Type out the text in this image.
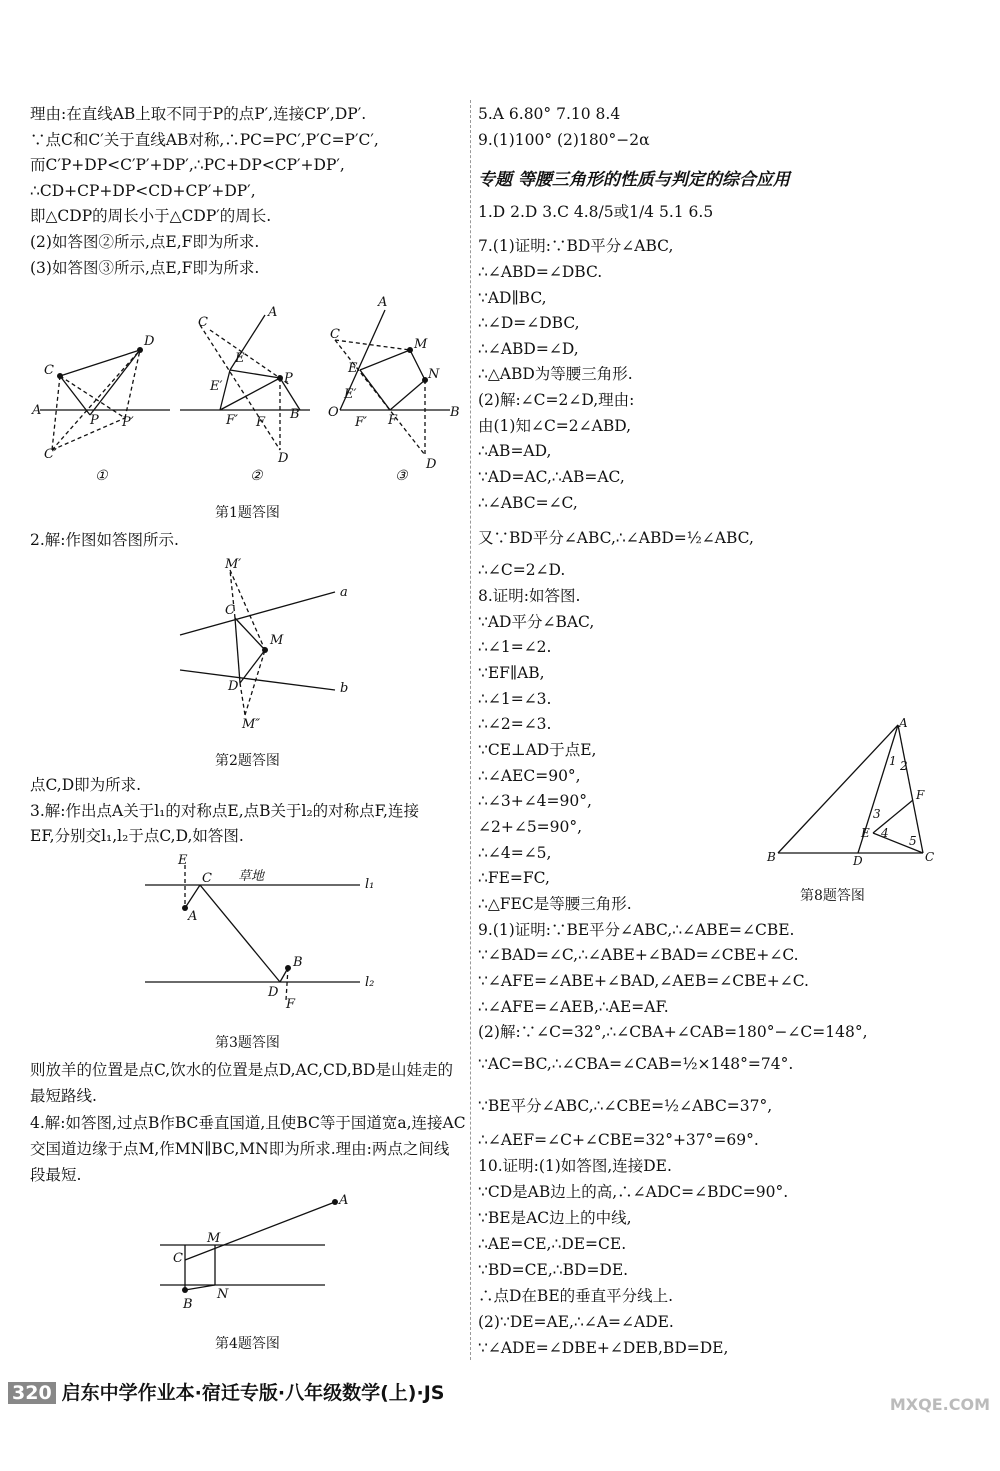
理由:在直线AB上取不同于P的点P′,连接CP′,DP′.
∵点C和C′关于直线AB对称,∴PC=PC′,P′C=P′C′,
而C′P+DP<C′P′+DP′,∴PC+DP<CP′+DP′,
∴CD+CP+DP<CD+CP′+DP′,
即△CDP的周长小于△CDP′的周长.
(2)如答图②所示,点E,F即为所求.
(3)如答图③所示,点E,F即为所求.
C
D
A
P P′
C′
C
A
E
E′
P
B
D
F′ F
A
C
M
N
E
E′
O
F′ F
B
D
①	②	③
第1题答图
2.解:作图如答图所示.
M′
a
C
M
D	b
M″
第2题答图
点C,D即为所求.
3.解:作出点A关于l₁的对称点E,点B关于l₂的对称点F,连接
EF,分别交l₁,l₂于点C,D,如答图.
E
C
A
l₁
l₂
B
D
F
草地
第3题答图
则放羊的位置是点C,饮水的位置是点D,AC,CD,BD是山娃走的
最短路线.
4.解:如答图,过点B作BC垂直国道,且使BC等于国道宽a,连接AC
交国道边缘于点M,作MN∥BC,MN即为所求.理由:两点之间线
段最短.
A
M
C
N
B
第4题答图
5.A 6.80° 7.10 8.4
9.(1)100° (2)180°−2α
专题 等腰三角形的性质与判定的综合应用
1.D 2.D 3.C 4.8/5或1/4 5.1 6.5
7.(1)证明:∵BD平分∠ABC,
∴∠ABD=∠DBC.
∵AD∥BC,
∴∠D=∠DBC,
∴∠ABD=∠D,
∴△ABD为等腰三角形.
(2)解:∠C=2∠D,理由:
由(1)知∠C=2∠ABD,
∴AB=AD,
∵AD=AC,∴AB=AC,
∴∠ABC=∠C,
又∵BD平分∠ABC,∴∠ABD=½∠ABC,
∴∠C=2∠D.
8.证明:如答图.
∵AD平分∠BAC,
∴∠1=∠2.
∵EF∥AB,
∴∠1=∠3.
∴∠2=∠3.
∵CE⊥AD于点E,
∴∠AEC=90°,
∴∠3+∠4=90°,
∠2+∠5=90°,
∴∠4=∠5,
∴FE=FC,
∴△FEC是等腰三角形.
9.(1)证明:∵BE平分∠ABC,∴∠ABE=∠CBE.
∵∠BAD=∠C,∴∠ABE+∠BAD=∠CBE+∠C.
∵∠AFE=∠ABE+∠BAD,∠AEB=∠CBE+∠C.
∴∠AFE=∠AEB,∴AE=AF.
(2)解:∵∠C=32°,∴∠CBA+∠CAB=180°−∠C=148°,
∵AC=BC,∴∠CBA=∠CAB=½×148°=74°.
∵BE平分∠ABC,∴∠CBE=½∠ABC=37°,
∴∠AEF=∠C+∠CBE=32°+37°=69°.
10.证明:(1)如答图,连接DE.
∵CD是AB边上的高,∴∠ADC=∠BDC=90°.
∵BE是AC边上的中线,
∴AE=CE,∴DE=CE.
∵BD=CE,∴BD=DE.
∴点D在BE的垂直平分线上.
(2)∵DE=AE,∴∠A=∠ADE.
∵∠ADE=∠DBE+∠DEB,BD=DE,
A
B	C
D
E
F
1 2
3
4
5
第8题答图
320 启东中学作业本·宿迁专版·八年级数学(上)·JS
MXQE.COM
